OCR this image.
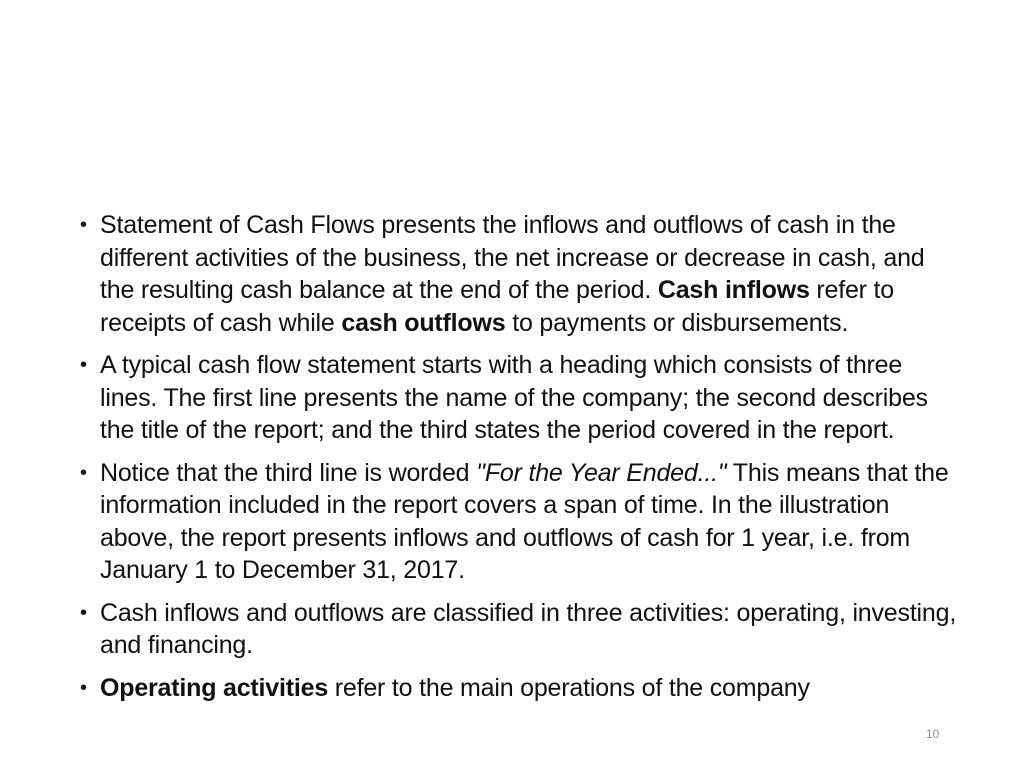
• Statement of Cash Flows presents the inflows and outflows of cash in the different activities of the business, the net increase or decrease in cash, and the resulting cash balance at the end of the period. Cash inflows refer to receipts of cash while cash outflows to payments or disbursements.
• A typical cash flow statement starts with a heading which consists of three lines. The first line presents the name of the company; the second describes the title of the report; and the third states the period covered in the report.
• Notice that the third line is worded "For the Year Ended..." This means that the information included in the report covers a span of time. In the illustration above, the report presents inflows and outflows of cash for 1 year, i.e. from January 1 to December 31, 2017.
• Cash inflows and outflows are classified in three activities: operating, investing, and financing.
• Operating activities refer to the main operations of the company
10
